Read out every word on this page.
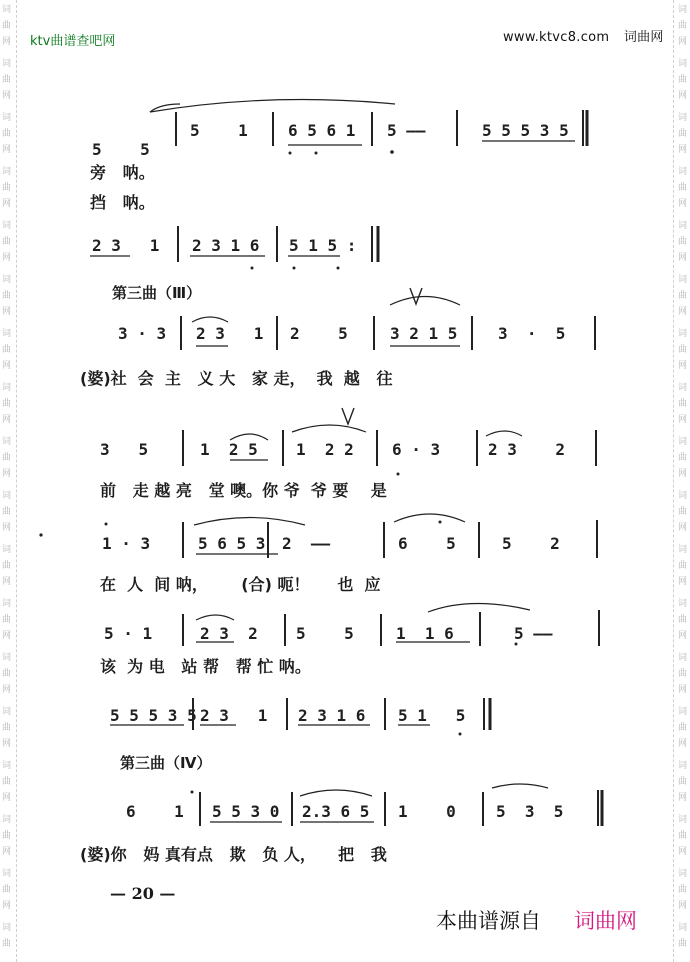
词
曲
网
词
曲
网
词
曲
网
词
曲
网
词
曲
网
词
曲
网
词
曲
网
词
曲
网
词
曲
网
词
曲
网
词
曲
网
词
曲
网
词
曲
网
词
曲
网
词
曲
网
词
曲
网
词
曲
网
词
曲
词
曲
网
词
曲
网
词
曲
网
词
曲
网
词
曲
网
词
曲
网
词
曲
网
词
曲
网
词
曲
网
词
曲
网
词
曲
网
词
曲
网
词
曲
网
词
曲
网
词
曲
网
词
曲
网
词
曲
网
词
曲
ktv曲谱查吧网	www.ktvc8.com 词曲网

5 5
5    1	6 5 6 1 5 ——	5 5 5 3 5
旁   呐。
挡   呐。
2 3   1 2 3 1 6 5 1 5 :
第三曲（Ⅲ）
3 · 3 2 3   1 2    5	3 2 1 5	3  ·  5
(婆)社  会  主   义 大   家 走，  我  越   往
3   5	1  2 5 1  2 2 6 · 3	2 3    2
前   走 越 亮   堂 噢。你 爷  爷 要    是
1 · 3	5 6 5 3 2  ——	6    5	5    2
在  人  间 呐，      (合) 呃！     也  应
5 · 1	2 3  2 5    5	1  1 6	5 ——
该  为 电   站 帮   帮 忙 呐。
5 5 5 3 5 2 3   1 2 3 1 6 5 1   5
第三曲（Ⅳ）
6    1 5 5 3 0 2.3 6 5 1    0	5  3  5
(婆)你   妈 真有点   欺   负 人，    把   我
— 20 —
本曲谱源自 词曲网
